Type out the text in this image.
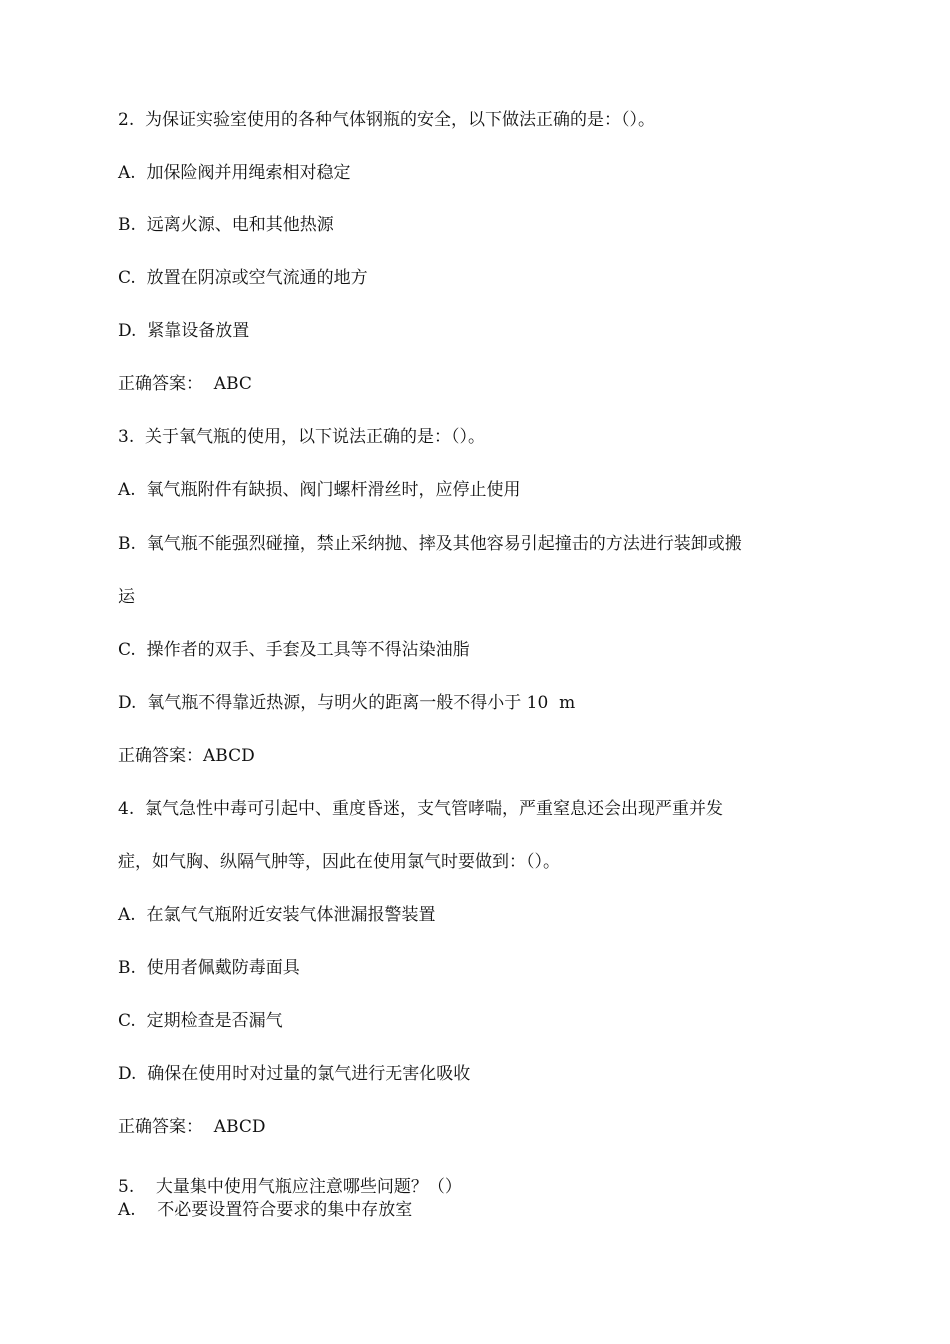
2.  为保证实验室使用的各种气体钢瓶的安全，以下做法正确的是：（）。
A.  加保险阀并用绳索相对稳定
B.  远离火源、电和其他热源
C.  放置在阴凉或空气流通的地方
D.  紧靠设备放置
正确答案：  ABC
3.  关于氧气瓶的使用，以下说法正确的是：（）。
A.  氧气瓶附件有缺损、阀门螺杆滑丝时，应停止使用
B.  氧气瓶不能强烈碰撞，禁止采纳抛、摔及其他容易引起撞击的方法进行装卸或搬
运
C.  操作者的双手、手套及工具等不得沾染油脂
D.  氧气瓶不得靠近热源，与明火的距离一般不得小于 10  m
正确答案：ABCD
4.  氯气急性中毒可引起中、重度昏迷，支气管哮喘，严重窒息还会出现严重并发
症，如气胸、纵隔气肿等，因此在使用氯气时要做到：（）。
A.  在氯气气瓶附近安装气体泄漏报警装置
B.  使用者佩戴防毒面具
C.  定期检查是否漏气
D.  确保在使用时对过量的氯气进行无害化吸收
正确答案：  ABCD
5.    大量集中使用气瓶应注意哪些问题？（）
A.    不必要设置符合要求的集中存放室
